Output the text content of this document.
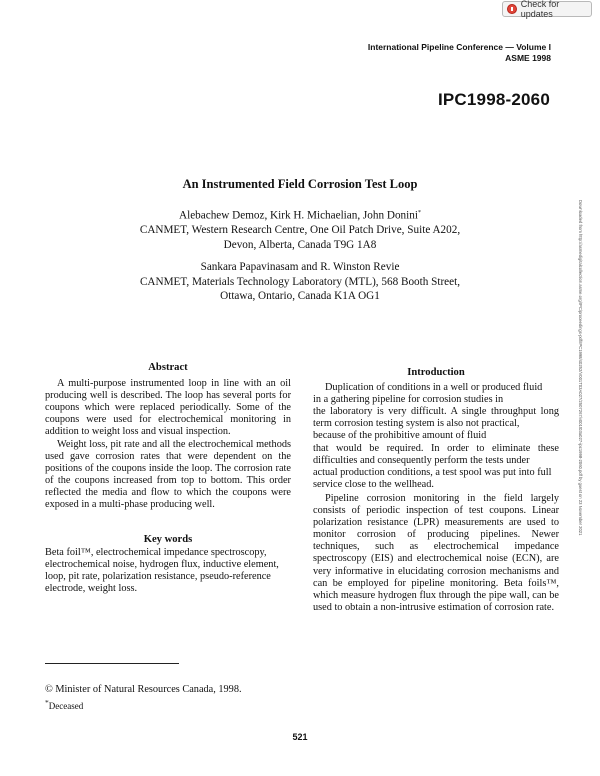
Check for updates
International Pipeline Conference — Volume I
ASME 1998
IPC1998-2060
An Instrumented Field Corrosion Test Loop
Alebachew Demoz, Kirk H. Michaelian, John Donini*
CANMET, Western Research Centre, One Oil Patch Drive, Suite A202,
Devon, Alberta, Canada T9G 1A8
Sankara Papavinasam and R. Winston Revie
CANMET, Materials Technology Laboratory (MTL), 568 Booth Street,
Ottawa, Ontario, Canada K1A OG1	Downloaded from http://asmedigitalcollection.asme.org/IPC/proceedings-pdf/IPC1998/40252/V001T03A027/2507267/v001t03a027-ipc1998-2060.pdf by guest on 23 November 2021
Abstract

A multi-purpose instrumented loop in line with an oil producing well is described. The loop has several ports for coupons which were replaced periodically. Some of the coupons were used for electrochemical monitoring in addition to weight loss and visual inspection.

Weight loss, pit rate and all the electrochemical methods used gave corrosion rates that were dependent on the positions of the coupons inside the loop. The corrosion rate of the coupons increased from top to bottom. This order reflected the media and flow to which the coupons were exposed in a multi-phase producing well.

Key words
Beta foil™, electrochemical impedance spectroscopy, electrochemical noise, hydrogen flux, inductive element, loop, pit rate, polarization resistance, pseudo-reference electrode, weight loss.
Introduction
Duplication of conditions in a well or produced fluid
in a gathering pipeline for corrosion studies in
the laboratory is very difficult. A single throughput long term corrosion testing system is also not practical,
because of the prohibitive amount of fluid
that would be required. In order to eliminate these difficulties and consequently perform the tests under
actual production conditions, a test spool was put into full service close to the wellhead.

Pipeline corrosion monitoring in the field largely consists of periodic inspection of test coupons. Linear polarization resistance (LPR) measurements are used to monitor corrosion of producing pipelines. Newer techniques, such as electrochemical impedance spectroscopy (EIS) and electrochemical noise (ECN), are very informative in elucidating corrosion mechanisms and can be employed for pipeline monitoring. Beta foils™, which measure hydrogen flux through the pipe wall, can be used to obtain a non-intrusive estimation of corrosion rate.

© Minister of Natural Resources Canada, 1998.
*Deceased
521
